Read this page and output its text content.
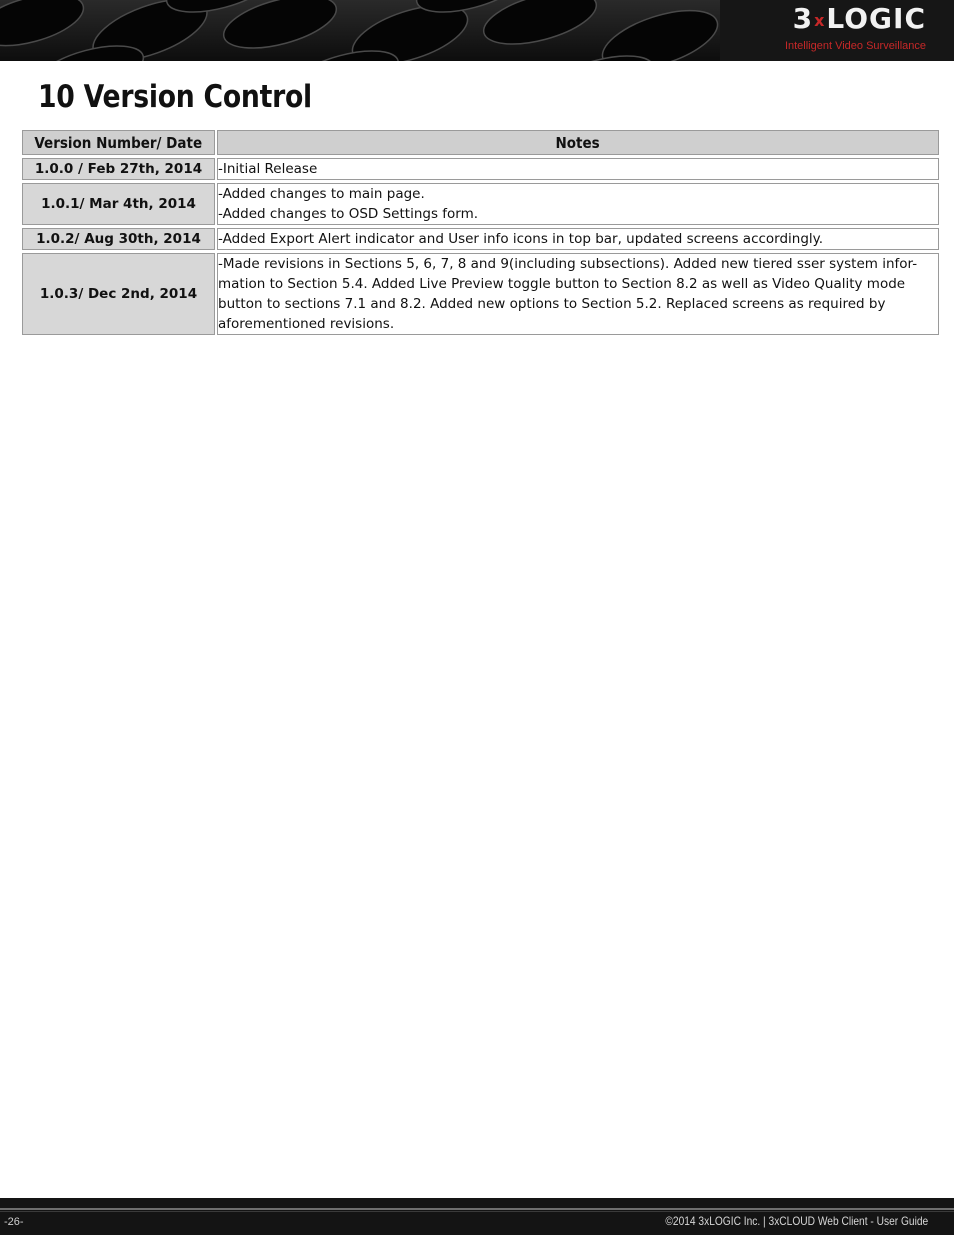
3xLOGIC
Intelligent Video Surveillance
10 Version Control
Version Number/ Date	Notes
1.0.0 / Feb 27th, 2014	-Initial Release

1.0.1/ Mar 4th, 2014	-Added changes to main page.
-Added changes to OSD Settings form.

1.0.2/ Aug 30th, 2014	-Added Export Alert indicator and User info icons in top bar, updated screens accordingly.

1.0.3/ Dec 2nd, 2014	-Made revisions in Sections 5, 6, 7, 8 and 9(including subsections). Added new tiered sser system infor-
mation to Section 5.4. Added Live Preview toggle button to Section 8.2 as well as Video Quality mode
button to sections 7.1 and 8.2. Added new options to Section 5.2. Replaced screens as required by
aforementioned revisions.
-26-	©2014 3xLOGIC Inc. | 3xCLOUD Web Client - User Guide
